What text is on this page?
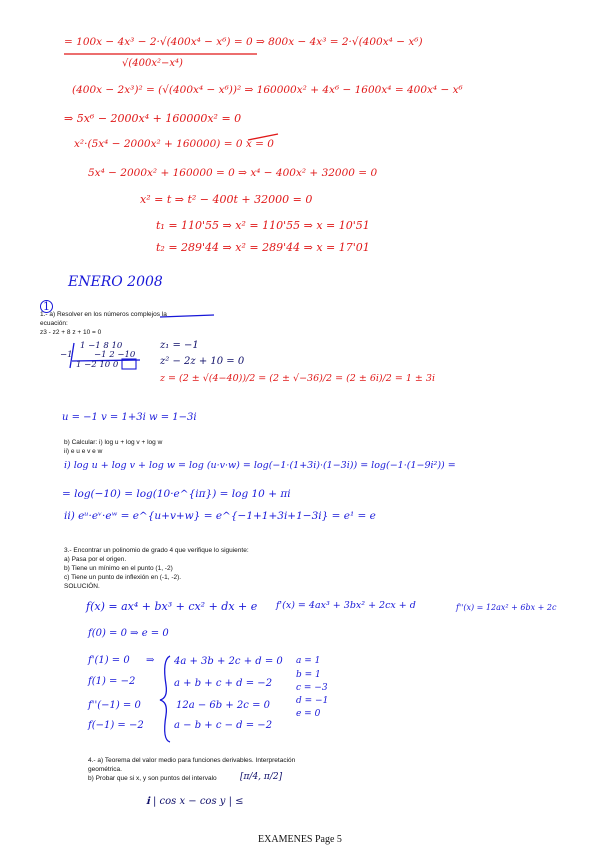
= 100x − 4x³ − 2·√(400x⁴ − x⁶) = 0 ⇒ 800x − 4x³ = 2·√(400x⁴ − x⁶)
√(400x²−x⁴)
(400x − 2x³)² = (√(400x⁴ − x⁶))² ⇒ 160000x² + 4x⁶ − 1600x⁴ = 400x⁴ − x⁶
⇒ 5x⁶ − 2000x⁴ + 160000x² = 0
x²·(5x⁴ − 2000x² + 160000) = 0 x = 0
5x⁴ − 2000x² + 160000 = 0 ⇒ x⁴ − 400x² + 32000 = 0
x² = t ⇒ t² − 400t + 32000 = 0
t₁ = 110'55 ⇒ x² = 110'55 ⇒ x = 10'51
t₂ = 289'44 ⇒ x² = 289'44 ⇒ x = 17'01
ENERO 2008
1
1.- a) Resolver en los números complejos la
ecuación:
z3 - z2 + 8 z + 10 = 0
1 −1 8 10
−1	−1 2 −10
1 −2 10 0
z₁ = −1
z² − 2z + 10 = 0
z = (2 ± √(4−40))/2 = (2 ± √−36)/2 = (2 ± 6i)/2 = 1 ± 3i
u = −1 v = 1+3i w = 1−3i
b) Calcular: i) log u + log v + log w
ii) e u e v e w
i) log u + log v + log w = log (u·v·w) = log(−1·(1+3i)·(1−3i)) = log(−1·(1−9i²)) =
= log(−10) = log(10·e^{iπ}) = log 10 + πi
ii) eᵘ·eᵛ·eʷ = e^{u+v+w} = e^{−1+1+3i+1−3i} = e¹ = e
3.- Encontrar un polinomio de grado 4 que verifique lo siguiente:
a) Pasa por el origen.
b) Tiene un mínimo en el punto (1, -2)
c) Tiene un punto de inflexión en (-1, -2).
SOLUCIÓN.
f(x) = ax⁴ + bx³ + cx² + dx + e f'(x) = 4ax³ + 3bx² + 2cx + d	f''(x) = 12ax² + 6bx + 2c
f(0) = 0 ⇒ e = 0
f'(1) = 0
f(1) = −2
f''(−1) = 0
f(−1) = −2
⇒ 4a + 3b + 2c + d = 0
a + b + c + d = −2
12a − 6b + 2c = 0
a − b + c − d = −2
a = 1
b = 1
c = −3
d = −1
e = 0
4.- a) Teorema del valor medio para funciones derivables. Interpretación
geométrica.
b) Probar que si x, y son puntos del intervalo	[π/4, π/2]
ℹ | cos x − cos y | ≤
EXAMENES Page 5
